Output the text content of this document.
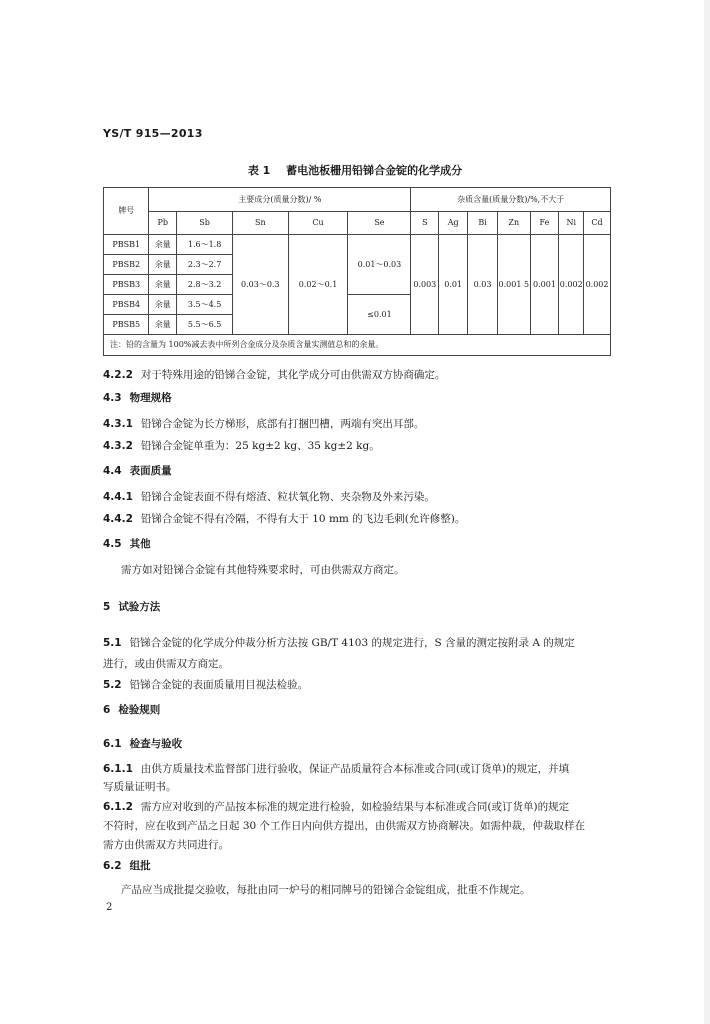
YS/T 915—2013
表 1 蓄电池板栅用铅锑合金锭的化学成分
牌号	主要成分(质量分数)/ %					杂质含量(质量分数)/%,不大于						
	Pb	Sb	Sn	Cu	Se	S	Ag	Bi	Zn	Fe	Ni	Cd
PBSB1	余量	1.6～1.8	0.03～0.3	0.02～0.1	0.01～0.03	0.003	0.01	0.03	0.001 5	0.001	0.002	0.002
PBSB2	余量	2.3～2.7										
PBSB3	余量	2.8～3.2										
PBSB4	余量	3.5～4.5			≤0.01							
PBSB5	余量	5.5～6.5										
注：铅的含量为 100%减去表中所列合金成分及杂质含量实测值总和的余量。												
4.2.2 对于特殊用途的铅锑合金锭，其化学成分可由供需双方协商确定。
4.3 物理规格
4.3.1 铅锑合金锭为长方梯形，底部有打捆凹槽，两端有突出耳部。
4.3.2 铅锑合金锭单重为：25 kg±2 kg、35 kg±2 kg。
4.4 表面质量
4.4.1 铅锑合金锭表面不得有熔渣、粒状氧化物、夹杂物及外来污染。
4.4.2 铅锑合金锭不得有冷隔，不得有大于 10 mm 的飞边毛刺(允许修整)。
4.5 其他
需方如对铅锑合金锭有其他特殊要求时，可由供需双方商定。
5 试验方法
5.1 铅锑合金锭的化学成分仲裁分析方法按 GB/T 4103 的规定进行，S 含量的测定按附录 A 的规定
进行，或由供需双方商定。
5.2 铅锑合金锭的表面质量用目视法检验。
6 检验规则
6.1 检查与验收
6.1.1 由供方质量技术监督部门进行验收，保证产品质量符合本标准或合同(或订货单)的规定，并填
写质量证明书。
6.1.2 需方应对收到的产品按本标准的规定进行检验，如检验结果与本标准或合同(或订货单)的规定
不符时，应在收到产品之日起 30 个工作日内向供方提出，由供需双方协商解决。如需仲裁，仲裁取样在
需方由供需双方共同进行。
6.2 组批
产品应当成批提交验收，每批由同一炉号的相同牌号的铅锑合金锭组成，批重不作规定。
2
